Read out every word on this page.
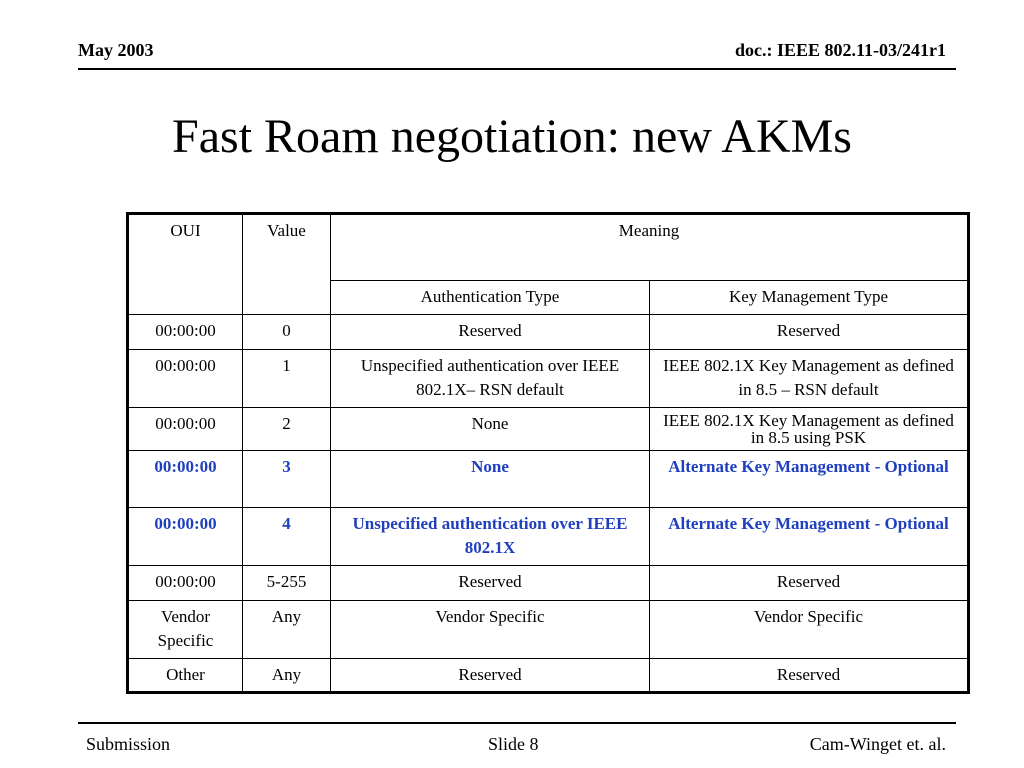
May 2003	doc.: IEEE 802.11-03/241r1
Fast Roam negotiation: new AKMs
OUI	Value	Meaning	
		Authentication Type	Key Management Type
00:00:00	0	Reserved	Reserved
00:00:00	1	Unspecified authentication over IEEE 802.1X– RSN default	IEEE 802.1X Key Management as defined in 8.5 – RSN default
00:00:00	2	None	IEEE 802.1X Key Management as defined in 8.5 using PSK
00:00:00	3	None	Alternate Key Management - Optional
00:00:00	4	Unspecified authentication over IEEE 802.1X	Alternate Key Management - Optional
00:00:00	5-255	Reserved	Reserved
Vendor Specific	Any	Vendor Specific	Vendor Specific
Other	Any	Reserved	Reserved
Submission	Slide 8	Cam-Winget et. al.
